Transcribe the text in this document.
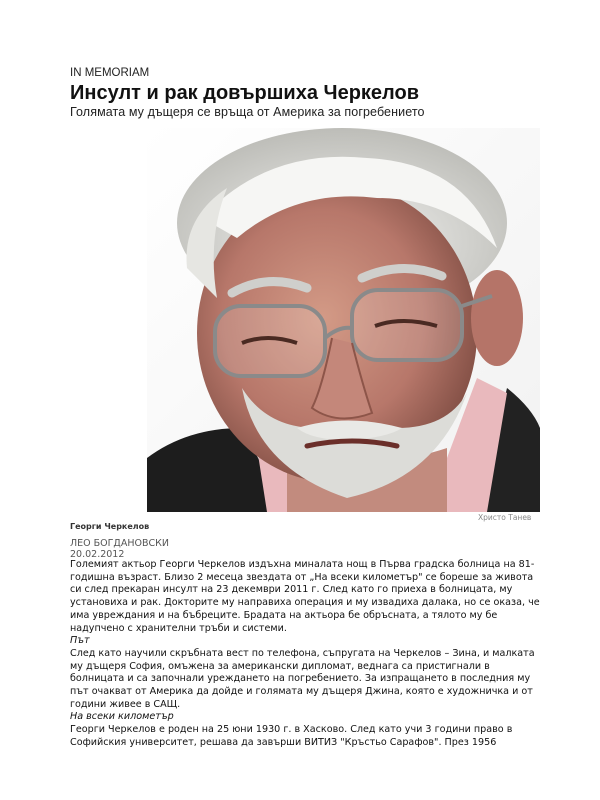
IN MEMORIAM
Инсулт и рак довършиха Черкелов
Голямата му дъщеря се връща от Америка за погребението
Христо Танев
Георги Черкелов
ЛЕО БОГДАНОВСКИ
20.02.2012

Големият актьор Георги Черкелов издъхна миналата нощ в Първа градска болница на 81-годишна възраст. Близо 2 месеца звездата от „На всеки километър" се бореше за живота си след прекаран инсулт на 23 декември 2011 г. След като го приеха в болницата, му установиха и рак. Докторите му направиха операция и му извадиха далака, но се оказа, че има увреждания и на бъбреците. Брадата на актьора бе обръсната, а тялото му бе надупчено с хранителни тръби и системи.

Път

След като научили скръбната вест по телефона, съпругата на Черкелов – Зина, и малката му дъщеря София, омъжена за американски дипломат, веднага са пристигнали в болницата и са започнали уреждането на погребението. За изпращането в последния му път очакват от Америка да дойде и голямата му дъщеря Джина, която е художничка и от години живее в САЩ.

На всеки километър

Георги Черкелов е роден на 25 юни 1930 г. в Хасково. След като учи 3 години право в Софийския университет, решава да завърши ВИТИЗ "Кръстьо Сарафов". През 1956
